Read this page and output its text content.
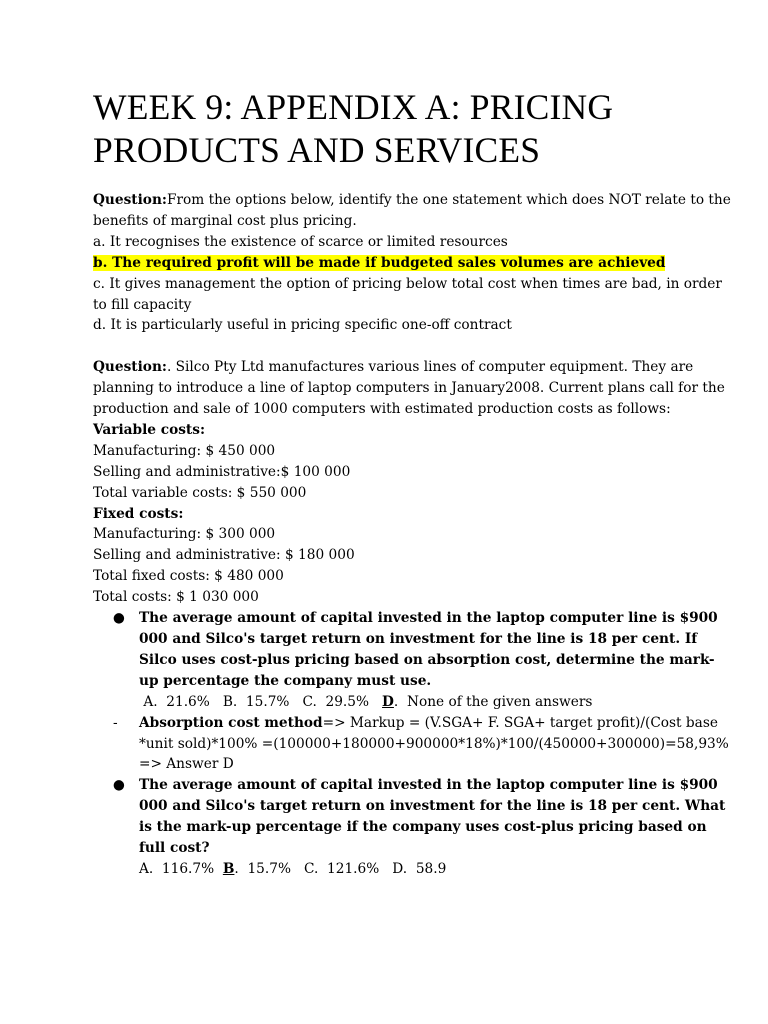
WEEK 9: APPENDIX A: PRICING PRODUCTS AND SERVICES

Question:From the options below, identify the one statement which does NOT relate to the benefits of marginal cost plus pricing.

a. It recognises the existence of scarce or limited resources

b. The required profit will be made if budgeted sales volumes are achieved

c. It gives management the option of pricing below total cost when times are bad, in order to fill capacity

d. It is particularly useful in pricing specific one-off contract

Question:. Silco Pty Ltd manufactures various lines of computer equipment. They are planning to introduce a line of laptop computers in January2008. Current plans call for the production and sale of 1000 computers with estimated production costs as follows:

Variable costs:

Manufacturing: $ 450 000

Selling and administrative:$ 100 000

Total variable costs: $ 550 000

Fixed costs:

Manufacturing: $ 300 000

Selling and administrative: $ 180 000

Total fixed costs: $ 480 000

Total costs: $ 1 030 000

● The average amount of capital invested in the laptop computer line is $900 000 and Silco's target return on investment for the line is 18 per cent. If Silco uses cost-plus pricing based on absorption cost, determine the mark-up percentage the company must use.

A.  21.6%   B.  15.7%   C.  29.5%   D.  None of the given answers

- Absorption cost method=> Markup = (V.SGA+ F. SGA+ target profit)/(Cost base *unit sold)*100% =(100000+180000+900000*18%)*100/(450000+300000)=58,93%

=> Answer D

● The average amount of capital invested in the laptop computer line is $900 000 and Silco's target return on investment for the line is 18 per cent. What is the mark-up percentage if the company uses cost-plus pricing based on full cost?

A.  116.7%  B.  15.7%   C.  121.6%   D.  58.9
